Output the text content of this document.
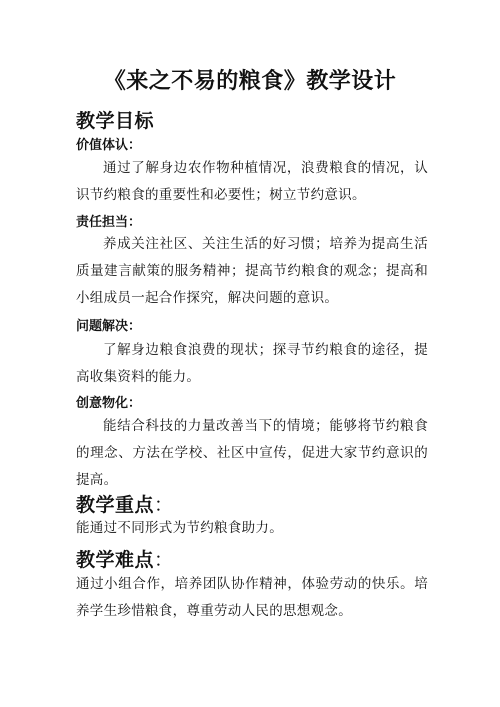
《来之不易的粮食》教学设计
教学目标
价值体认：
通过了解身边农作物种植情况，浪费粮食的情况，认识节约粮食的重要性和必要性；树立节约意识。
责任担当：
养成关注社区、关注生活的好习惯；培养为提高生活质量建言献策的服务精神；提高节约粮食的观念；提高和小组成员一起合作探究，解决问题的意识。
问题解决：
了解身边粮食浪费的现状；探寻节约粮食的途径，提高收集资料的能力。
创意物化：
能结合科技的力量改善当下的情境；能够将节约粮食的理念、方法在学校、社区中宣传，促进大家节约意识的提高。
教学重点：
能通过不同形式为节约粮食助力。
教学难点：
通过小组合作，培养团队协作精神，体验劳动的快乐。培养学生珍惜粮食，尊重劳动人民的思想观念。
